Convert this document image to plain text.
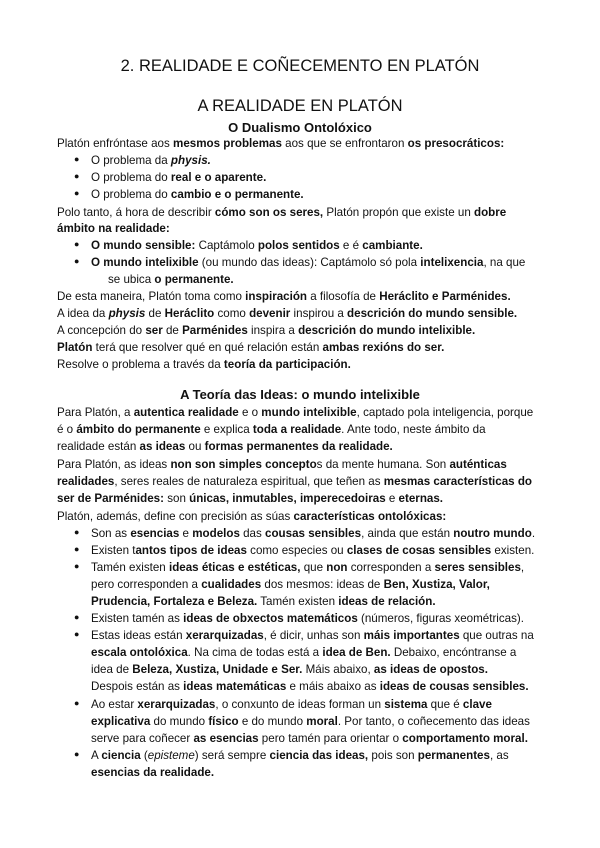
2. REALIDADE E COÑECEMENTO EN PLATÓN
A REALIDADE EN PLATÓN
O Dualismo Ontolóxico
A Teoría das Ideas: o mundo intelixible
Platón enfróntase aos mesmos problemas aos que se enfrontaron os presocráticos:
● O problema da physis.
● O problema do real e o aparente.
● O problema do cambio e o permanente.
Polo tanto, á hora de describir cómo son os seres, Platón propón que existe un dobre
ámbito na realidade:
● O mundo sensible: Captámolo polos sentidos e é cambiante.
● O mundo intelixible (ou mundo das ideas): Captámolo só pola intelixencia, na que
se ubica o permanente.
De esta maneira, Platón toma como inspiración a filosofía de Heráclito e Parménides.
A idea da physis de Heráclito como devenir inspirou a descrición do mundo sensible.
A concepción do ser de Parménides inspira a descrición do mundo intelixible.
Platón terá que resolver qué en qué relación están ambas rexións do ser.
Resolve o problema a través da teoría da participación.
Para Platón, a autentica realidade e o mundo intelixible, captado pola inteligencia, porque
é o ámbito do permanente e explica toda a realidade. Ante todo, neste ámbito da
realidade están as ideas ou formas permanentes da realidade.
Para Platón, as ideas non son simples conceptos da mente humana. Son auténticas
realidades, seres reales de naturaleza espiritual, que teñen as mesmas características do
ser de Parménides: son únicas, inmutables, imperecedoiras e eternas.
Platón, además, define con precisión as súas características ontolóxicas:
● Son as esencias e modelos das cousas sensibles, ainda que están noutro mundo.
● Existen tantos tipos de ideas como especies ou clases de cosas sensibles existen.
● Tamén existen ideas éticas e estéticas, que non corresponden a seres sensibles,
pero corresponden a cualidades dos mesmos: ideas de Ben, Xustiza, Valor,
Prudencia, Fortaleza e Beleza. Tamén existen ideas de relación.
● Existen tamén as ideas de obxectos matemáticos (números, figuras xeométricas).
● Estas ideas están xerarquizadas, é dicir, unhas son máis importantes que outras na
escala ontolóxica. Na cima de todas está a idea de Ben. Debaixo, encóntranse a
idea de Beleza, Xustiza, Unidade e Ser. Máis abaixo, as ideas de opostos.
Despois están as ideas matemáticas e máis abaixo as ideas de cousas sensibles.
● Ao estar xerarquizadas, o conxunto de ideas forman un sistema que é clave
explicativa do mundo físico e do mundo moral. Por tanto, o coñecemento das ideas
serve para coñecer as esencias pero tamén para orientar o comportamento moral.
● A ciencia (episteme) será sempre ciencia das ideas, pois son permanentes, as
esencias da realidade.
